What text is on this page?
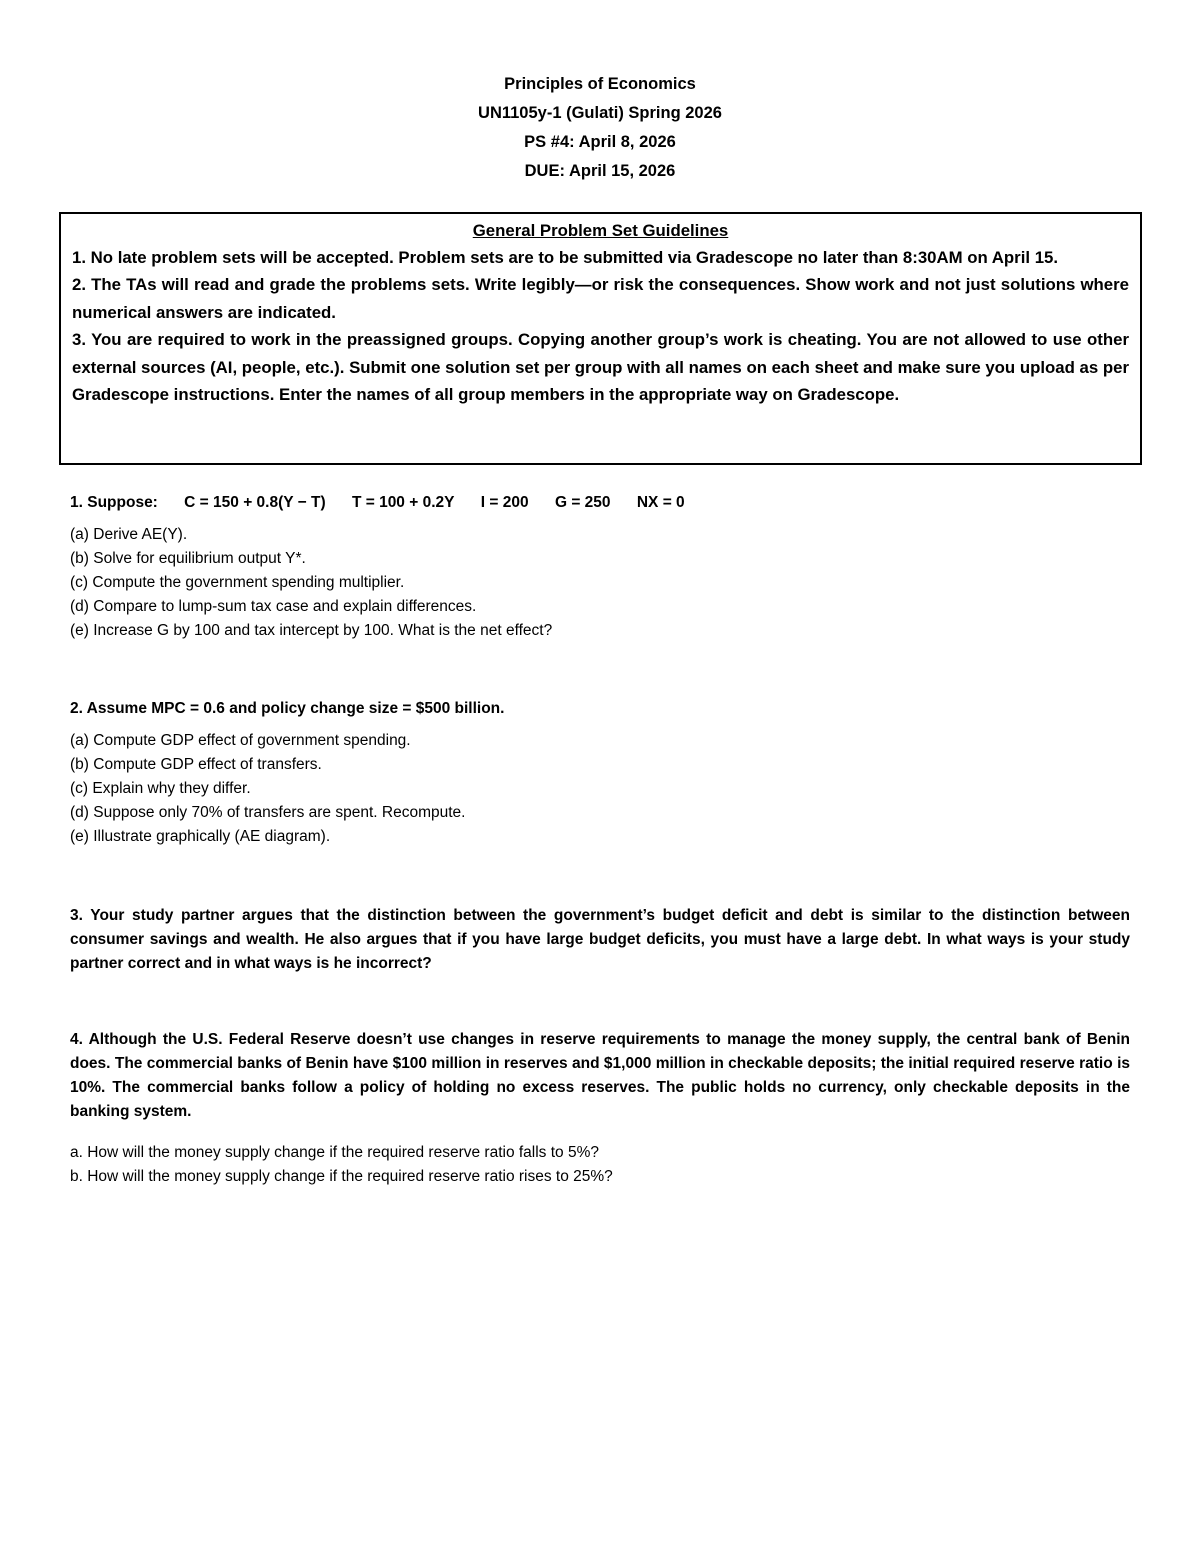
Principles of Economics
UN1105y-1 (Gulati) Spring 2026
PS #4: April 8, 2026
DUE: April 15, 2026
General Problem Set Guidelines
1. No late problem sets will be accepted. Problem sets are to be submitted via Gradescope no later than 8:30AM on April 15.
2. The TAs will read and grade the problems sets. Write legibly—or risk the consequences. Show work and not just solutions where numerical answers are indicated.
3. You are required to work in the preassigned groups. Copying another group’s work is cheating. You are not allowed to use other external sources (AI, people, etc.). Submit one solution set per group with all names on each sheet and make sure you upload as per Gradescope instructions. Enter the names of all group members in the appropriate way on Gradescope.
1. Suppose: C = 150 + 0.8(Y − T) T = 100 + 0.2Y I = 200 G = 250 NX = 0
(a) Derive AE(Y).
(b) Solve for equilibrium output Y*.
(c) Compute the government spending multiplier.
(d) Compare to lump-sum tax case and explain differences.
(e) Increase G by 100 and tax intercept by 100. What is the net effect?
2. Assume MPC = 0.6 and policy change size = $500 billion.
(a) Compute GDP effect of government spending.
(b) Compute GDP effect of transfers.
(c) Explain why they differ.
(d) Suppose only 70% of transfers are spent. Recompute.
(e) Illustrate graphically (AE diagram).
3. Your study partner argues that the distinction between the government’s budget deficit and debt is similar to the distinction between consumer savings and wealth. He also argues that if you have large budget deficits, you must have a large debt. In what ways is your study partner correct and in what ways is he incorrect?
4. Although the U.S. Federal Reserve doesn’t use changes in reserve requirements to manage the money supply, the central bank of Benin does. The commercial banks of Benin have $100 million in reserves and $1,000 million in checkable deposits; the initial required reserve ratio is 10%. The commercial banks follow a policy of holding no excess reserves. The public holds no currency, only checkable deposits in the banking system.
a. How will the money supply change if the required reserve ratio falls to 5%?
b. How will the money supply change if the required reserve ratio rises to 25%?
